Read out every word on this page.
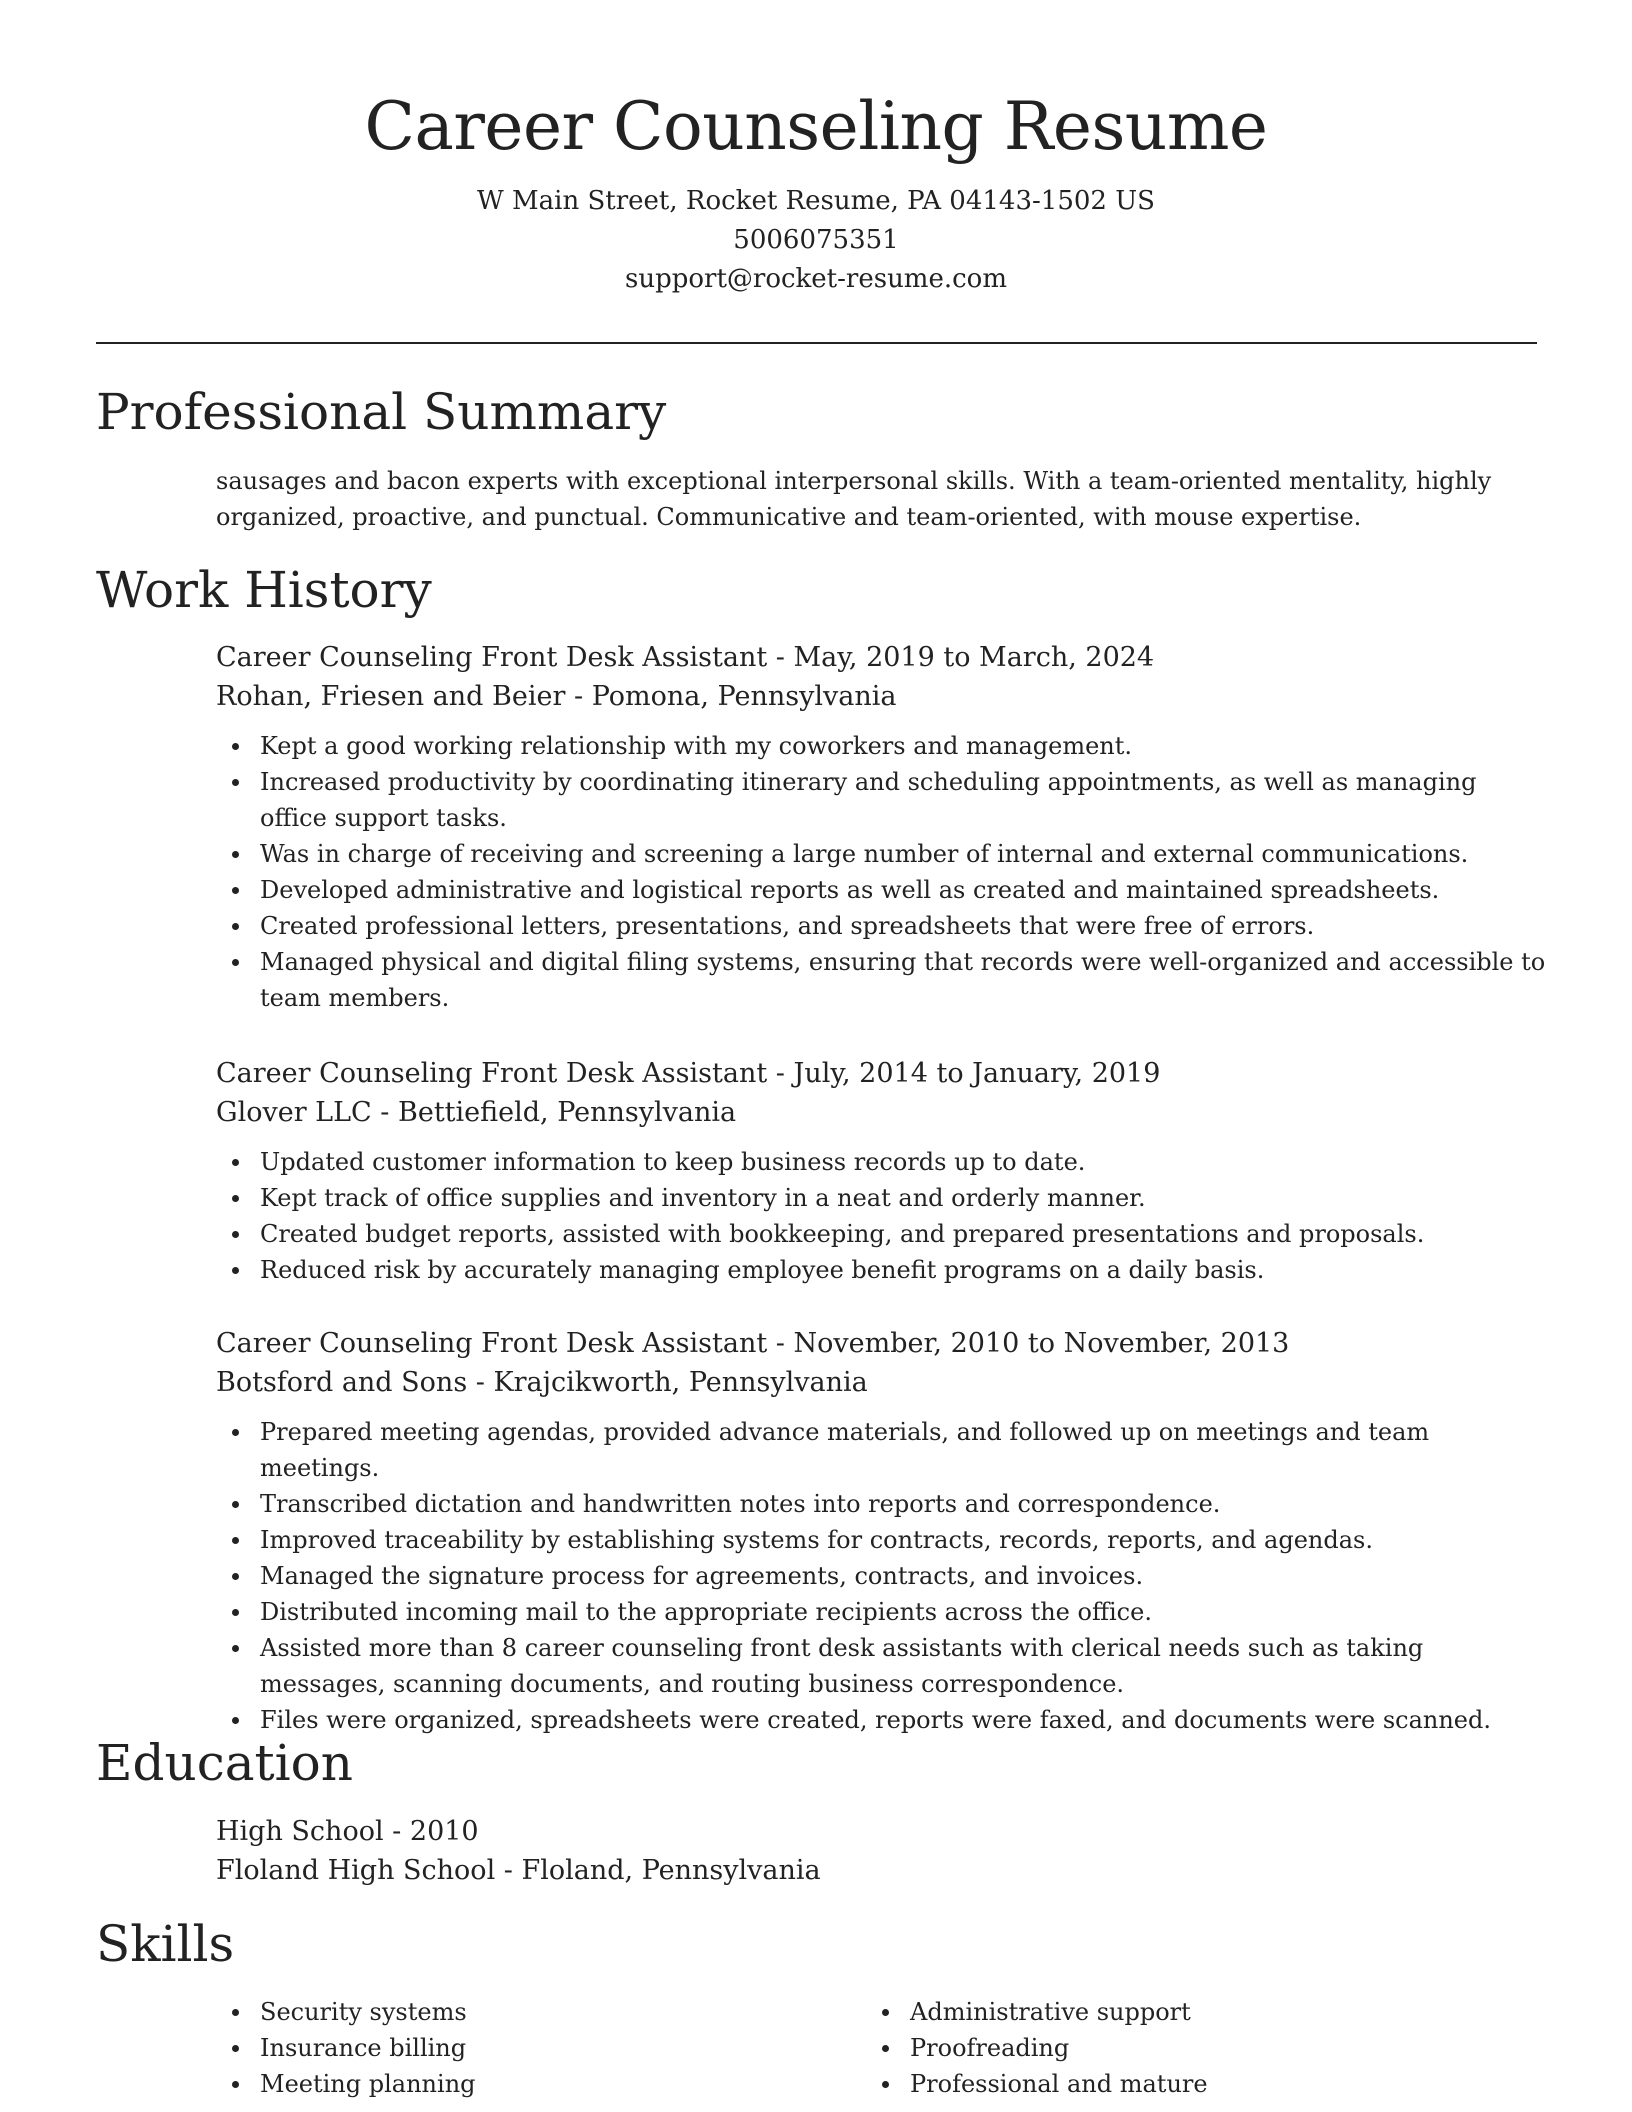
Career Counseling Resume
W Main Street, Rocket Resume, PA 04143-1502 US
5006075351
support@rocket-resume.com
Professional Summary

sausages and bacon experts with exceptional interpersonal skills. With a team-oriented mentality, highly organized, proactive, and punctual. Communicative and team-oriented, with mouse expertise.

Work History
Career Counseling Front Desk Assistant - May, 2019 to March, 2024
Rohan, Friesen and Beier - Pomona, Pennsylvania
Kept a good working relationship with my coworkers and management.
Increased productivity by coordinating itinerary and scheduling appointments, as well as managing office support tasks.
Was in charge of receiving and screening a large number of internal and external communications.
Developed administrative and logistical reports as well as created and maintained spreadsheets.
Created professional letters, presentations, and spreadsheets that were free of errors.
Managed physical and digital filing systems, ensuring that records were well-organized and accessible to team members.
Career Counseling Front Desk Assistant - July, 2014 to January, 2019
Glover LLC - Bettiefield, Pennsylvania
Updated customer information to keep business records up to date.
Kept track of office supplies and inventory in a neat and orderly manner.
Created budget reports, assisted with bookkeeping, and prepared presentations and proposals.
Reduced risk by accurately managing employee benefit programs on a daily basis.
Career Counseling Front Desk Assistant - November, 2010 to November, 2013
Botsford and Sons - Krajcikworth, Pennsylvania
Prepared meeting agendas, provided advance materials, and followed up on meetings and team meetings.
Transcribed dictation and handwritten notes into reports and correspondence.
Improved traceability by establishing systems for contracts, records, reports, and agendas.
Managed the signature process for agreements, contracts, and invoices.
Distributed incoming mail to the appropriate recipients across the office.
Assisted more than 8 career counseling front desk assistants with clerical needs such as taking messages, scanning documents, and routing business correspondence.
Files were organized, spreadsheets were created, reports were faxed, and documents were scanned.
Education
High School - 2010
Floland High School - Floland, Pennsylvania
Skills
Security systems
Insurance billing
Meeting planning
Administrative support
Proofreading
Professional and mature
